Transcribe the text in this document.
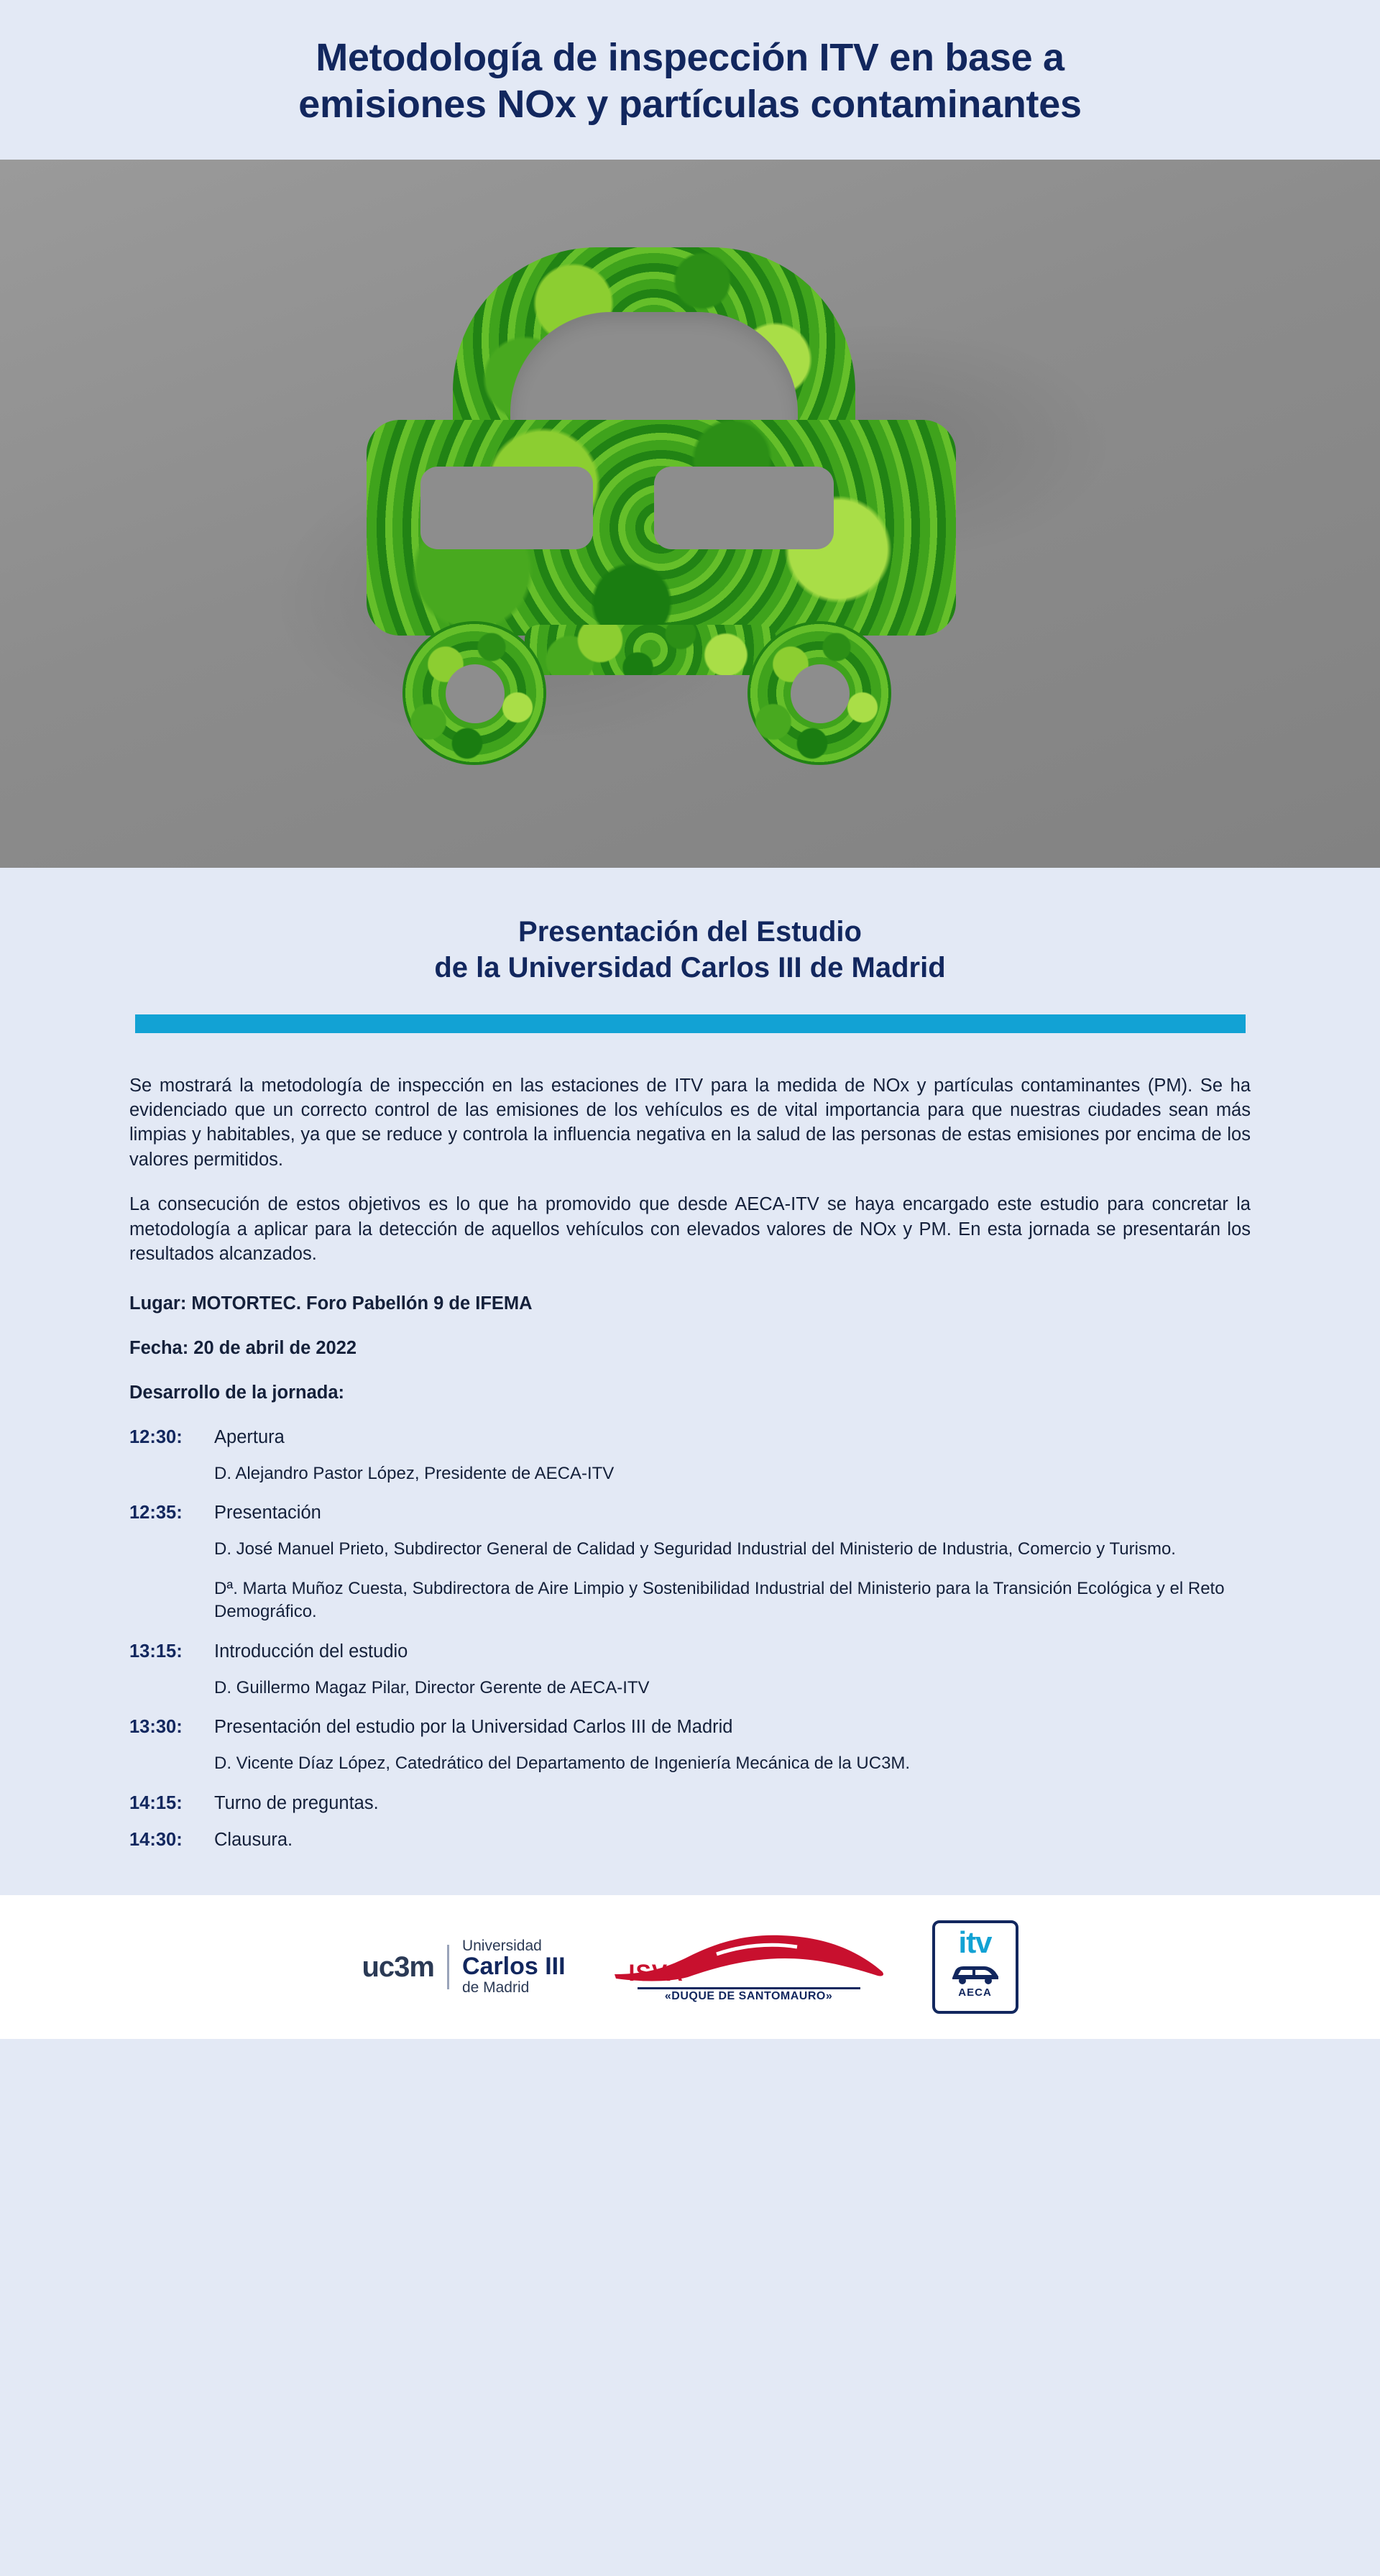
Metodología de inspección ITV en base a
emisiones NOx y partículas contaminantes
Presentación del Estudio
de la Universidad Carlos III de Madrid

Se mostrará la metodología de inspección en las estaciones de ITV para la medida de NOx y partículas contaminantes (PM). Se ha evidenciado que un correcto control de las emisiones de los vehículos es de vital importancia para que nuestras ciudades sean más limpias y habitables, ya que se reduce y controla la influencia negativa en la salud de las personas de estas emisiones por encima de los valores permitidos.

La consecución de estos objetivos es lo que ha promovido que desde AECA-ITV se haya encargado este estudio para concretar la metodología a aplicar para la detección de aquellos vehículos con elevados valores de NOx y PM. En esta jornada se presentarán los resultados alcanzados.

Lugar: MOTORTEC. Foro Pabellón 9 de IFEMA

Fecha: 20 de abril de 2022

Desarrollo de la jornada:

12:30:	Apertura
D. Alejandro Pastor López, Presidente de AECA-ITV
12:35:	Presentación
D. José Manuel Prieto, Subdirector General de Calidad y Seguridad Industrial del Ministerio de Industria, Comercio y Turismo.
Dª. Marta Muñoz Cuesta, Subdirectora de Aire Limpio y Sostenibilidad Industrial del Ministerio para la Transición Ecológica y el Reto Demográfico.
13:15:	Introducción del estudio
D. Guillermo Magaz Pilar, Director Gerente de AECA-ITV
13:30:	Presentación del estudio por la Universidad Carlos III de Madrid
D. Vicente Díaz López, Catedrático del Departamento de Ingeniería Mecánica de la UC3M.
14:15:	Turno de preguntas.
14:30:	Clausura.
uc3m
Universidad
Carlos III
de Madrid
ISVA
«DUQUE DE SANTOMAURO»
itv
AECA
